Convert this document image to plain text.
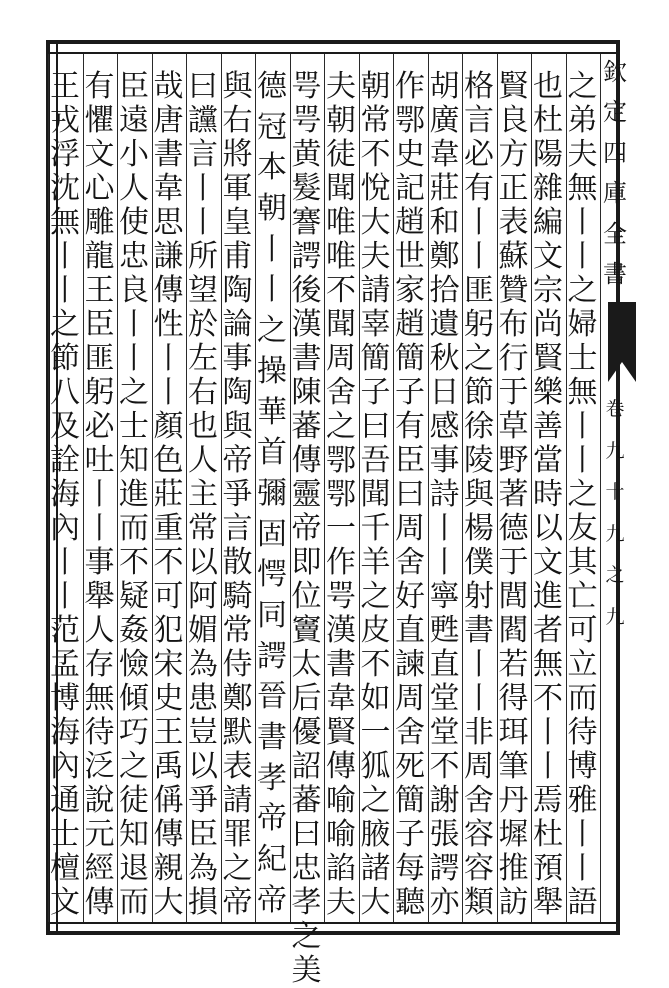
之
弟
夫
無
丨
丨
之
婦
士
無
丨
丨
之
友
其
亡
可
立
而
待
博
雅
丨
丨
語
也
杜
陽
雜
編
文
宗
尚
賢
樂
善
當
時
以
文
進
者
無
不
丨
丨
焉
杜
預
舉
賢
良
方
正
表
蘇
贊
布
行
于
草
野
著
德
于
閭
閻
若
得
珥
筆
丹
墀
推
訪
格
言
必
有
丨
丨
匪
躬
之
節
徐
陵
與
楊
僕
射
書
丨
丨
非
周
舍
容
容
類
胡
廣
韋
莊
和
鄭
拾
遺
秋
日
感
事
詩
丨
丨
寧
甦
直
堂
堂
不
謝
張
諤
亦
作
鄂
史
記
趙
世
家
趙
簡
子
有
臣
曰
周
舍
好
直
諫
周
舍
死
簡
子
每
聽
朝
常
不
悅
大
夫
請
辜
簡
子
曰
吾
聞
千
羊
之
皮
不
如
一
狐
之
腋
諸
大
夫
朝
徒
聞
唯
唯
不
聞
周
舍
之
鄂
鄂
一
作
咢
漢
書
韋
賢
傳
喻
喻
諂
夫
咢
咢
黄
髮
謇
諤
後
漢
書
陳
蕃
傳
靈
帝
即
位
竇
太
后
優
詔
蕃
曰
忠
孝
之
美
德
冠
本
朝
丨
丨
之
操
華
首
彌
固
愕
同
諤
晉
書
孝
帝
紀
帝
與
右
將
軍
皇
甫
陶
論
事
陶
與
帝
爭
言
散
騎
常
侍
鄭
默
表
請
罪
之
帝
曰
讜
言
丨
丨
所
望
於
左
右
也
人
主
常
以
阿
媚
為
患
豈
以
爭
臣
為
損
哉
唐
書
韋
思
謙
傳
性
丨
丨
顏
色
莊
重
不
可
犯
宋
史
王
禹
偁
傳
親
大
臣
遠
小
人
使
忠
良
丨
丨
之
士
知
進
而
不
疑
姦
憸
傾
巧
之
徒
知
退
而
有
懼
文
心
雕
龍
王
臣
匪
躬
必
吐
丨
丨
事
舉
人
存
無
待
泛
說
元
經
傳
王
戎
浮
沈
無
丨
丨
之
節
八
及
詮
海
內
丨
丨
范
孟
博
海
內
通
士
檀
文
欽
定
四
庫
全
書
卷
九
十
九
之
九
